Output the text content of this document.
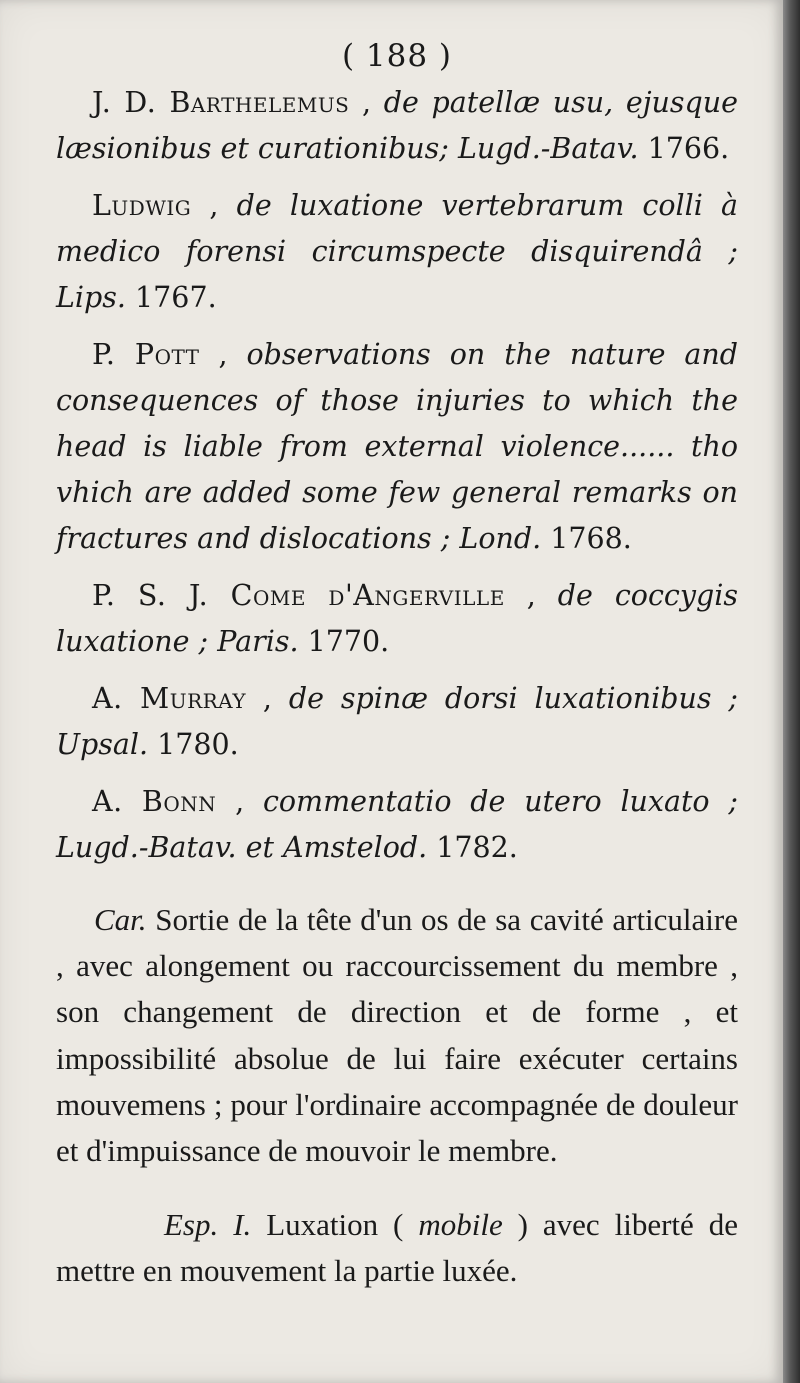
( 188 )

J. D. Barthelemus , de patellæ usu, ejusque læsionibus et curationibus; Lugd.-Batav. 1766.

Ludwig , de luxatione vertebrarum colli à medico forensi circumspecte disquirendâ ; Lips. 1767.

P. Pott , observations on the nature and consequences of those injuries to which the head is liable from external violence...... tho vhich are added some few general remarks on fractures and dislocations ; Lond. 1768.

P. S. J. Come d'Angerville , de coccygis luxatione ; Paris. 1770.

A. Murray , de spinæ dorsi luxationibus ; Upsal. 1780.

A. Bonn , commentatio de utero luxato ; Lugd.-Batav. et Amstelod. 1782.

Car. Sortie de la tête d'un os de sa cavité articulaire , avec alongement ou raccourcissement du membre , son changement de direction et de forme , et impossibilité absolue de lui faire exécuter certains mouvemens ; pour l'ordinaire accompagnée de douleur et d'impuissance de mouvoir le membre.

Esp. I. Luxation ( mobile ) avec liberté de mettre en mouvement la partie luxée.
